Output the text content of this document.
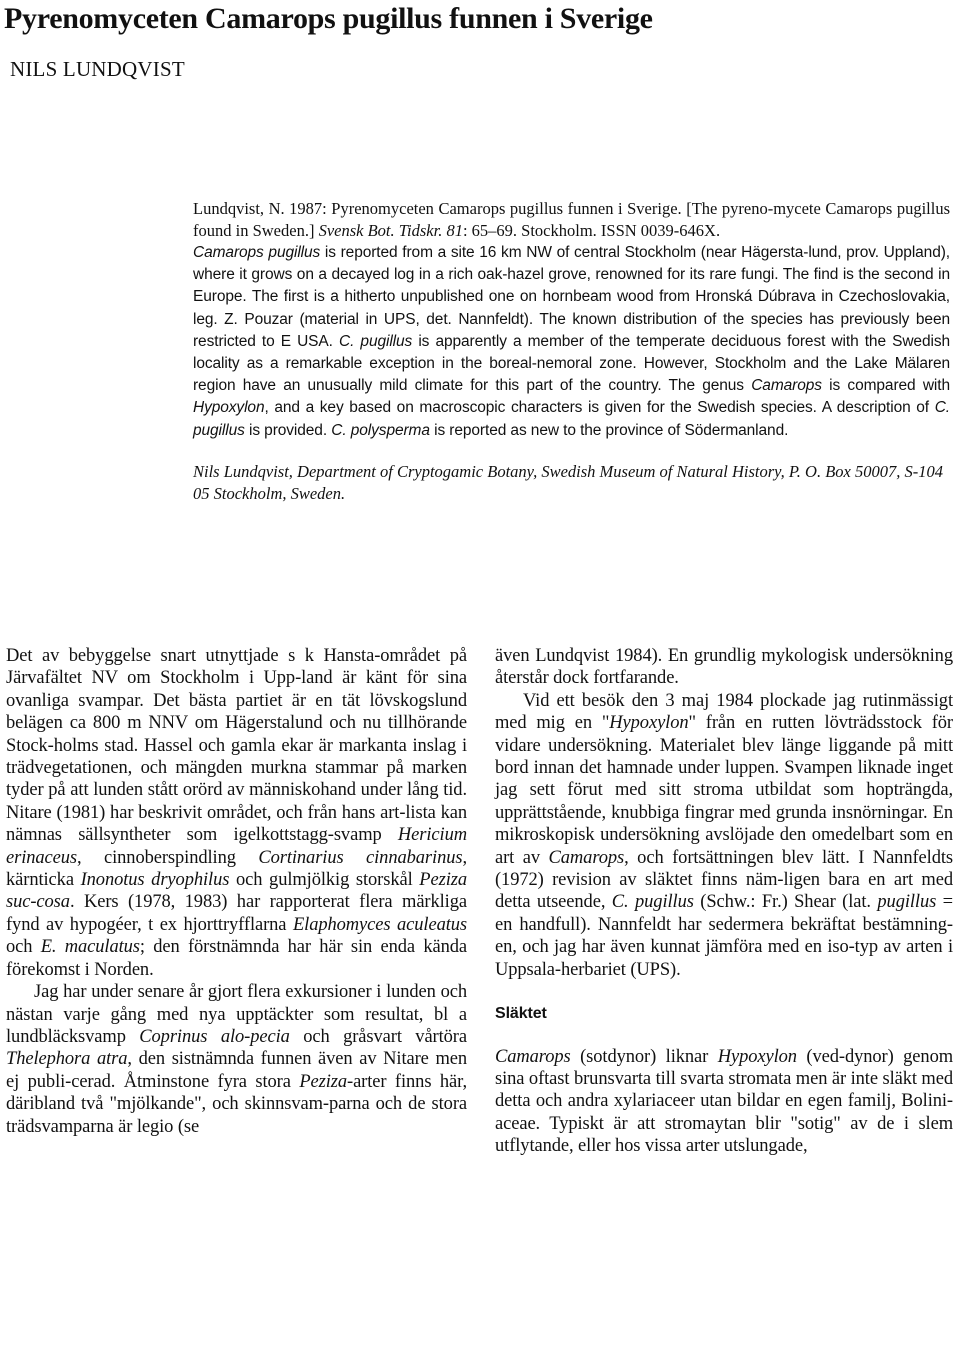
Pyrenomyceten Camarops pugillus funnen i Sverige
NILS LUNDQVIST

Lundqvist, N. 1987: Pyrenomyceten Camarops pugillus funnen i Sverige. [The pyreno-mycete Camarops pugillus found in Sweden.] Svensk Bot. Tidskr. 81: 65–69. Stockholm. ISSN 0039-646X.

Camarops pugillus is reported from a site 16 km NW of central Stockholm (near Hägersta-lund, prov. Uppland), where it grows on a decayed log in a rich oak-hazel grove, renowned for its rare fungi. The find is the second in Europe. The first is a hitherto unpublished one on hornbeam wood from Hronská Dúbrava in Czechoslovakia, leg. Z. Pouzar (material in UPS, det. Nannfeldt). The known distribution of the species has previously been restricted to E USA. C. pugillus is apparently a member of the temperate deciduous forest with the Swedish locality as a remarkable exception in the boreal-nemoral zone. However, Stockholm and the Lake Mälaren region have an unusually mild climate for this part of the country. The genus Camarops is compared with Hypoxylon, and a key based on macroscopic characters is given for the Swedish species. A description of C. pugillus is provided. C. polysperma is reported as new to the province of Södermanland.

Nils Lundqvist, Department of Cryptogamic Botany, Swedish Museum of Natural History, P. O. Box 50007, S-104 05 Stockholm, Sweden.

Det av bebyggelse snart utnyttjade s k Hansta-området på Järvafältet NV om Stockholm i Upp-land är känt för sina ovanliga svampar. Det bästa partiet är en tät lövskogslund belägen ca 800 m NNV om Hägerstalund och nu tillhörande Stock-holms stad. Hassel och gamla ekar är markanta inslag i trädvegetationen, och mängden murkna stammar på marken tyder på att lunden stått orörd av människohand under lång tid. Nitare (1981) har beskrivit området, och från hans art-lista kan nämnas sällsyntheter som igelkottstagg-svamp Hericium erinaceus, cinnoberspindling Cortinarius cinnabarinus, kärnticka Inonotus dryophilus och gulmjölkig storskål Peziza suc-cosa. Kers (1978, 1983) har rapporterat flera märkliga fynd av hypogéer, t ex hjorttryfflarna Elaphomyces aculeatus och E. maculatus; den förstnämnda har här sin enda kända förekomst i Norden.

Jag har under senare år gjort flera exkursioner i lunden och nästan varje gång med nya upptäckter som resultat, bl a lundbläcksvamp Coprinus alo-pecia och gråsvart vårtöra Thelephora atra, den sistnämnda funnen även av Nitare men ej publi-cerad. Åtminstone fyra stora Peziza-arter finns här, däribland två "mjölkande", och skinnsvam-parna och de stora trädsvamparna är legio (se

även Lundqvist 1984). En grundlig mykologisk undersökning återstår dock fortfarande.

Vid ett besök den 3 maj 1984 plockade jag rutinmässigt med mig en "Hypoxylon" från en rutten lövträdsstock för vidare undersökning. Materialet blev länge liggande på mitt bord innan det hamnade under luppen. Svampen liknade inget jag sett förut med sitt stroma utbildat som hopträngda, upprättstående, knubbiga fingrar med grunda insnörningar. En mikroskopisk undersökning avslöjade den omedelbart som en art av Camarops, och fortsättningen blev lätt. I Nannfeldts (1972) revision av släktet finns näm-ligen bara en art med detta utseende, C. pugillus (Schw.: Fr.) Shear (lat. pugillus = en handfull). Nannfeldt har sedermera bekräftat bestämning-en, och jag har även kunnat jämföra med en iso-typ av arten i Uppsala-herbariet (UPS).

Släktet

Camarops (sotdynor) liknar Hypoxylon (ved-dynor) genom sina oftast brunsvarta till svarta stromata men är inte släkt med detta och andra xylariaceer utan bildar en egen familj, Bolini-aceae. Typiskt är att stromaytan blir "sotig" av de i slem utflytande, eller hos vissa arter utslungade,
